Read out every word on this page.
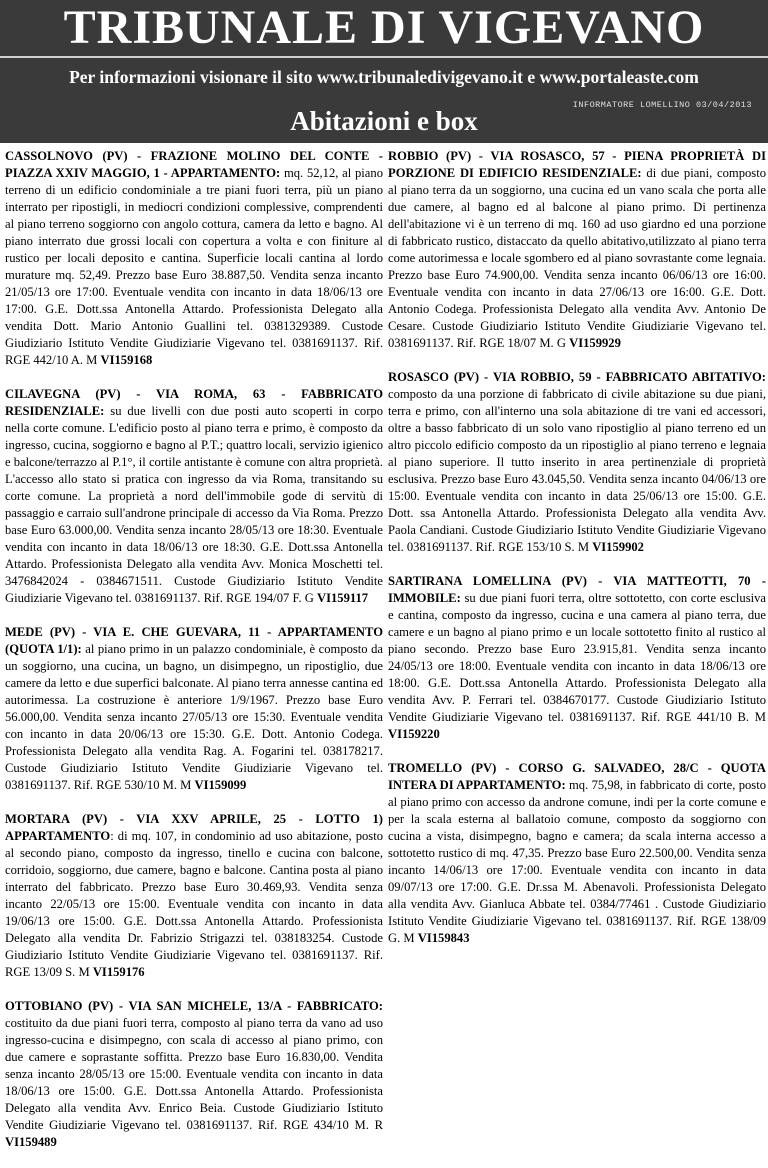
TRIBUNALE DI VIGEVANO
Per informazioni visionare il sito www.tribunaledivigevano.it e www.portaleaste.com
Abitazioni e box
INFORMATORE LOMELLINO 03/04/2013

CASSOLNOVO (PV) - FRAZIONE MOLINO DEL CONTE - PIAZZA XXIV MAGGIO, 1 - APPARTAMENTO: mq. 52,12, al piano terreno di un edificio condominiale a tre piani fuori terra, più un piano interrato per ripostigli, in mediocri condizioni complessive, comprendenti al piano terreno soggiorno con angolo cottura, camera da letto e bagno. Al piano interrato due grossi locali con copertura a volta e con finiture al rustico per locali deposito e cantina. Superficie locali cantina al lordo murature mq. 52,49. Prezzo base Euro 38.887,50. Vendita senza incanto 21/05/13 ore 17:00. Eventuale vendita con incanto in data 18/06/13 ore 17:00. G.E. Dott.ssa Antonella Attardo. Professionista Delegato alla vendita Dott. Mario Antonio Guallini tel. 0381329389. Custode Giudiziario Istituto Vendite Giudiziarie Vigevano tel. 0381691137. Rif. RGE 442/10 A. M VI159168

CILAVEGNA (PV) - VIA ROMA, 63 - FABBRICATO RESIDENZIALE: su due livelli con due posti auto scoperti in corpo nella corte comune. L'edificio posto al piano terra e primo, è composto da ingresso, cucina, soggiorno e bagno al P.T.; quattro locali, servizio igienico e balcone/terrazzo al P.1°, il cortile antistante è comune con altra proprietà. L'accesso allo stato si pratica con ingresso da via Roma, transitando su corte comune. La proprietà a nord dell'immobile gode di servitù di passaggio e carraio sull'androne principale di accesso da Via Roma. Prezzo base Euro 63.000,00. Vendita senza incanto 28/05/13 ore 18:30. Eventuale vendita con incanto in data 18/06/13 ore 18:30. G.E. Dott.ssa Antonella Attardo. Professionista Delegato alla vendita Avv. Monica Moschetti tel. 3476842024 - 0384671511. Custode Giudiziario Istituto Vendite Giudiziarie Vigevano tel. 0381691137. Rif. RGE 194/07 F. G VI159117

MEDE (PV) - VIA E. CHE GUEVARA, 11 - APPARTAMENTO (QUOTA 1/1): al piano primo in un palazzo condominiale, è composto da un soggiorno, una cucina, un bagno, un disimpegno, un ripostiglio, due camere da letto e due superfici balconate. Al piano terra annesse cantina ed autorimessa. La costruzione è anteriore 1/9/1967. Prezzo base Euro 56.000,00. Vendita senza incanto 27/05/13 ore 15:30. Eventuale vendita con incanto in data 20/06/13 ore 15:30. G.E. Dott. Antonio Codega. Professionista Delegato alla vendita Rag. A. Fogarini tel. 038178217. Custode Giudiziario Istituto Vendite Giudiziarie Vigevano tel. 0381691137. Rif. RGE 530/10 M. M VI159099

MORTARA (PV) - VIA XXV APRILE, 25 - LOTTO 1) APPARTAMENTO: di mq. 107, in condominio ad uso abitazione, posto al secondo piano, composto da ingresso, tinello e cucina con balcone, corridoio, soggiorno, due camere, bagno e balcone. Cantina posta al piano interrato del fabbricato. Prezzo base Euro 30.469,93. Vendita senza incanto 22/05/13 ore 15:00. Eventuale vendita con incanto in data 19/06/13 ore 15:00. G.E. Dott.ssa Antonella Attardo. Professionista Delegato alla vendita Dr. Fabrizio Strigazzi tel. 038183254. Custode Giudiziario Istituto Vendite Giudiziarie Vigevano tel. 0381691137. Rif. RGE 13/09 S. M VI159176

OTTOBIANO (PV) - VIA SAN MICHELE, 13/A - FABBRICATO: costituito da due piani fuori terra, composto al piano terra da vano ad uso ingresso-cucina e disimpegno, con scala di accesso al piano primo, con due camere e soprastante soffitta. Prezzo base Euro 16.830,00. Vendita senza incanto 28/05/13 ore 15:00. Eventuale vendita con incanto in data 18/06/13 ore 15:00. G.E. Dott.ssa Antonella Attardo. Professionista Delegato alla vendita Avv. Enrico Beia. Custode Giudiziario Istituto Vendite Giudiziarie Vigevano tel. 0381691137. Rif. RGE 434/10 M. R VI159489

ROBBIO (PV) - VIA ROSASCO, 57 - PIENA PROPRIETÀ DI PORZIONE DI EDIFICIO RESIDENZIALE: di due piani, composto al piano terra da un soggiorno, una cucina ed un vano scala che porta alle due camere, al bagno ed al balcone al piano primo. Di pertinenza dell'abitazione vi è un terreno di mq. 160 ad uso giardno ed una porzione di fabbricato rustico, distaccato da quello abitativo,utilizzato al piano terra come autorimessa e locale sgombero ed al piano sovrastante come legnaia. Prezzo base Euro 74.900,00. Vendita senza incanto 06/06/13 ore 16:00. Eventuale vendita con incanto in data 27/06/13 ore 16:00. G.E. Dott. Antonio Codega. Professionista Delegato alla vendita Avv. Antonio De Cesare. Custode Giudiziario Istituto Vendite Giudiziarie Vigevano tel. 0381691137. Rif. RGE 18/07 M. G VI159929

ROSASCO (PV) - VIA ROBBIO, 59 - FABBRICATO ABITATIVO: composto da una porzione di fabbricato di civile abitazione su due piani, terra e primo, con all'interno una sola abitazione di tre vani ed accessori, oltre a basso fabbricato di un solo vano ripostiglio al piano terreno ed un altro piccolo edificio composto da un ripostiglio al piano terreno e legnaia al piano superiore. Il tutto inserito in area pertinenziale di proprietà esclusiva. Prezzo base Euro 43.045,50. Vendita senza incanto 04/06/13 ore 15:00. Eventuale vendita con incanto in data 25/06/13 ore 15:00. G.E. Dott. ssa Antonella Attardo. Professionista Delegato alla vendita Avv. Paola Candiani. Custode Giudiziario Istituto Vendite Giudiziarie Vigevano tel. 0381691137. Rif. RGE 153/10 S. M VI159902

SARTIRANA LOMELLINA (PV) - VIA MATTEOTTI, 70 - IMMOBILE: su due piani fuori terra, oltre sottotetto, con corte esclusiva e cantina, composto da ingresso, cucina e una camera al piano terra, due camere e un bagno al piano primo e un locale sottotetto finito al rustico al piano secondo. Prezzo base Euro 23.915,81. Vendita senza incanto 24/05/13 ore 18:00. Eventuale vendita con incanto in data 18/06/13 ore 18:00. G.E. Dott.ssa Antonella Attardo. Professionista Delegato alla vendita Avv. P. Ferrari tel. 0384670177. Custode Giudiziario Istituto Vendite Giudiziarie Vigevano tel. 0381691137. Rif. RGE 441/10 B. M VI159220

TROMELLO (PV) - CORSO G. SALVADEO, 28/C - QUOTA INTERA DI APPARTAMENTO: mq. 75,98, in fabbricato di corte, posto al piano primo con accesso da androne comune, indi per la corte comune e per la scala esterna al ballatoio comune, composto da soggiorno con cucina a vista, disimpegno, bagno e camera; da scala interna accesso a sottotetto rustico di mq. 47,35. Prezzo base Euro 22.500,00. Vendita senza incanto 14/06/13 ore 17:00. Eventuale vendita con incanto in data 09/07/13 ore 17:00. G.E. Dr.ssa M. Abenavoli. Professionista Delegato alla vendita Avv. Gianluca Abbate tel. 0384/77461 . Custode Giudiziario Istituto Vendite Giudiziarie Vigevano tel. 0381691137. Rif. RGE 138/09 G. M VI159843
